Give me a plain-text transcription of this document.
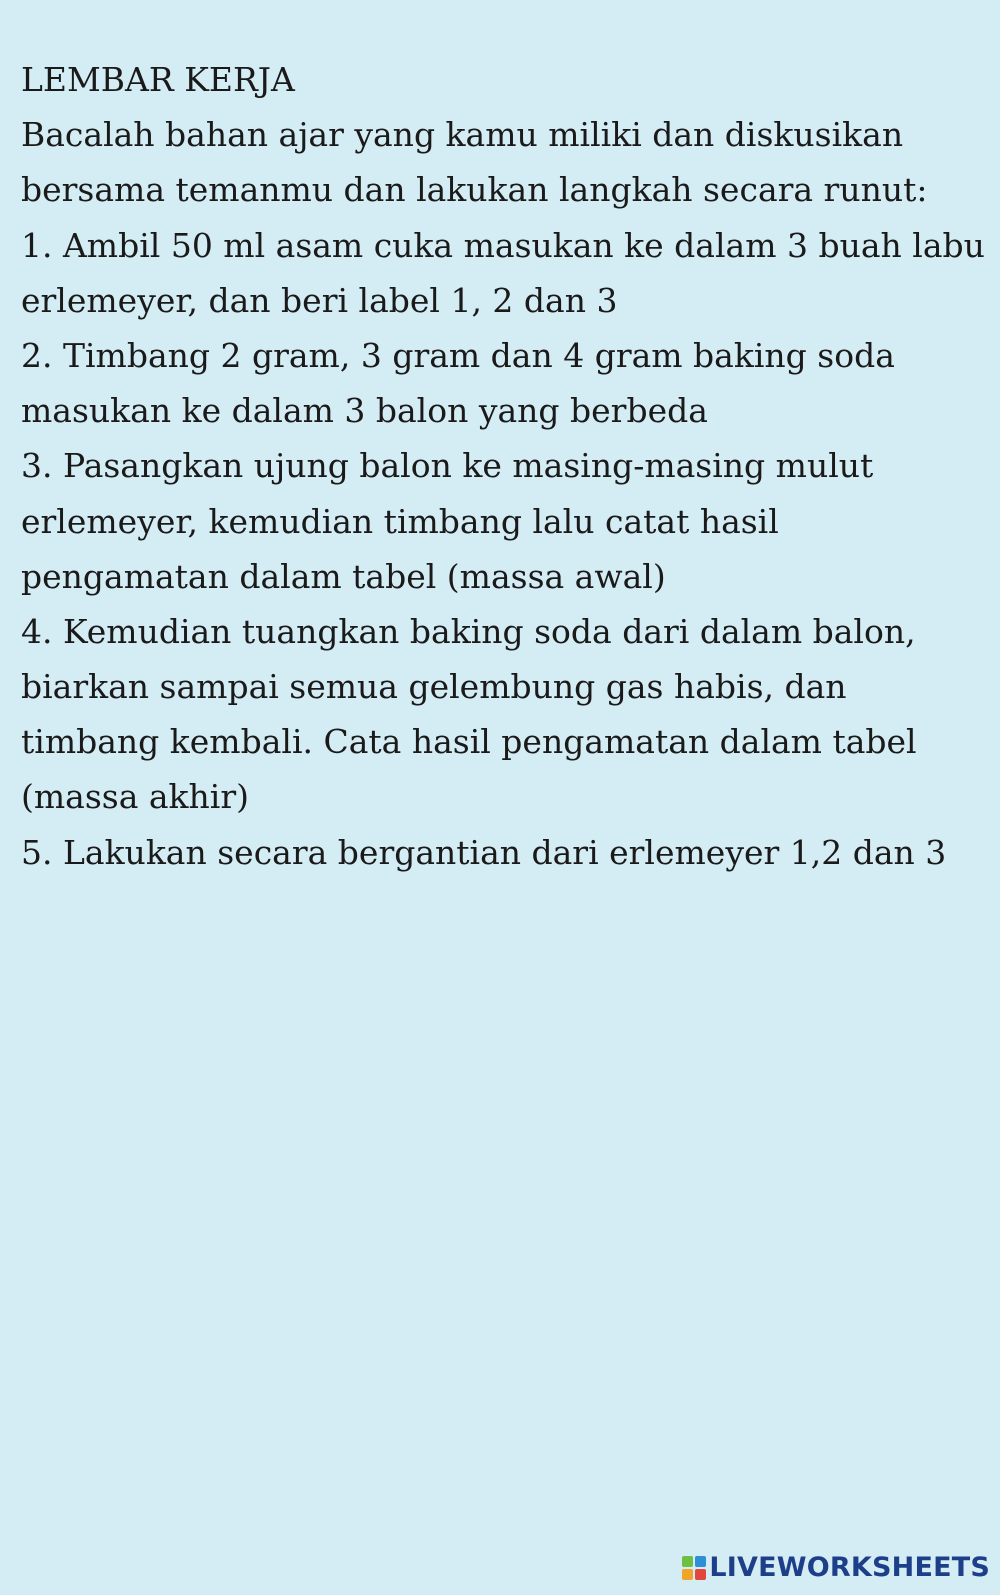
LEMBAR KERJA
Bacalah bahan ajar yang kamu miliki dan diskusikan
bersama temanmu dan lakukan langkah secara runut:
1. Ambil 50 ml asam cuka masukan ke dalam 3 buah labu
erlemeyer, dan beri label 1, 2 dan 3
2. Timbang 2 gram, 3 gram dan 4 gram baking soda
masukan ke dalam 3 balon yang berbeda
3. Pasangkan ujung balon ke masing-masing mulut
erlemeyer, kemudian timbang lalu catat hasil
pengamatan dalam tabel (massa awal)
4. Kemudian tuangkan baking soda dari dalam balon,
biarkan sampai semua gelembung gas habis, dan
timbang kembali. Cata hasil pengamatan dalam tabel
(massa akhir)
5. Lakukan secara bergantian dari erlemeyer 1,2 dan 3
LIVEWORKSHEETS
